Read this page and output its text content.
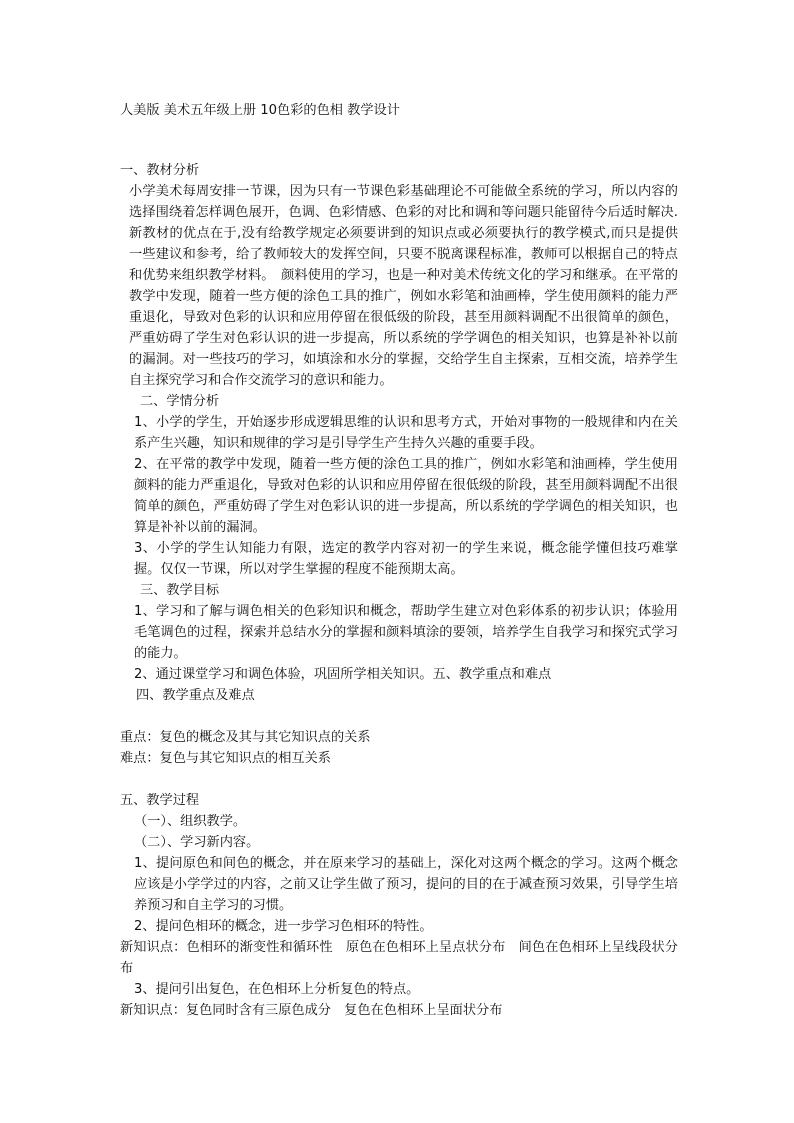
人美版 美术五年级上册 10色彩的色相 教学设计

一、教材分析

小学美术每周安排一节课，因为只有一节课色彩基础理论不可能做全系统的学习，所以内容的选择围绕着怎样调色展开，色调、色彩情感、色彩的对比和调和等问题只能留待今后适时解决.新教材的优点在于,没有给教学规定必须要讲到的知识点或必须要执行的教学模式,而只是提供一些建议和参考，给了教师较大的发挥空间，只要不脱离课程标准，教师可以根据自己的特点和优势来组织教学材料。　颜料使用的学习，也是一种对美术传统文化的学习和继承。在平常的教学中发现，随着一些方便的涂色工具的推广，例如水彩笔和油画棒，学生使用颜料的能力严重退化，导致对色彩的认识和应用停留在很低级的阶段，甚至用颜料调配不出很简单的颜色，严重妨碍了学生对色彩认识的进一步提高，所以系统的学学调色的相关知识，也算是补补以前的漏洞。对一些技巧的学习，如填涂和水分的掌握，交给学生自主探索，互相交流，培养学生自主探究学习和合作交流学习的意识和能力。

二、学情分析

1、小学的学生，开始逐步形成逻辑思维的认识和思考方式，开始对事物的一般规律和内在关系产生兴趣，知识和规律的学习是引导学生产生持久兴趣的重要手段。

2、在平常的教学中发现，随着一些方便的涂色工具的推广，例如水彩笔和油画棒，学生使用颜料的能力严重退化，导致对色彩的认识和应用停留在很低级的阶段，甚至用颜料调配不出很简单的颜色，严重妨碍了学生对色彩认识的进一步提高，所以系统的学学调色的相关知识，也算是补补以前的漏洞。

3、小学的学生认知能力有限，选定的教学内容对初一的学生来说，概念能学懂但技巧难掌握。仅仅一节课，所以对学生掌握的程度不能预期太高。

三、教学目标

1、学习和了解与调色相关的色彩知识和概念，帮助学生建立对色彩体系的初步认识；体验用毛笔调色的过程，探索并总结水分的掌握和颜料填涂的要领，培养学生自我学习和探究式学习的能力。

2、通过课堂学习和调色体验，巩固所学相关知识。五、教学重点和难点

四、教学重点及难点

重点：复色的概念及其与其它知识点的关系

难点：复色与其它知识点的相互关系

五、教学过程

（一）、组织教学。

（二）、学习新内容。

1、提问原色和间色的概念，并在原来学习的基础上，深化对这两个概念的学习。这两个概念应该是小学学过的内容，之前又让学生做了预习，提问的目的在于减查预习效果，引导学生培养预习和自主学习的习惯。

2、提问色相环的概念，进一步学习色相环的特性。

新知识点：色相环的渐变性和循环性　原色在色相环上呈点状分布　间色在色相环上呈线段状分布

3、提问引出复色，在色相环上分析复色的特点。

新知识点：复色同时含有三原色成分　复色在色相环上呈面状分布
